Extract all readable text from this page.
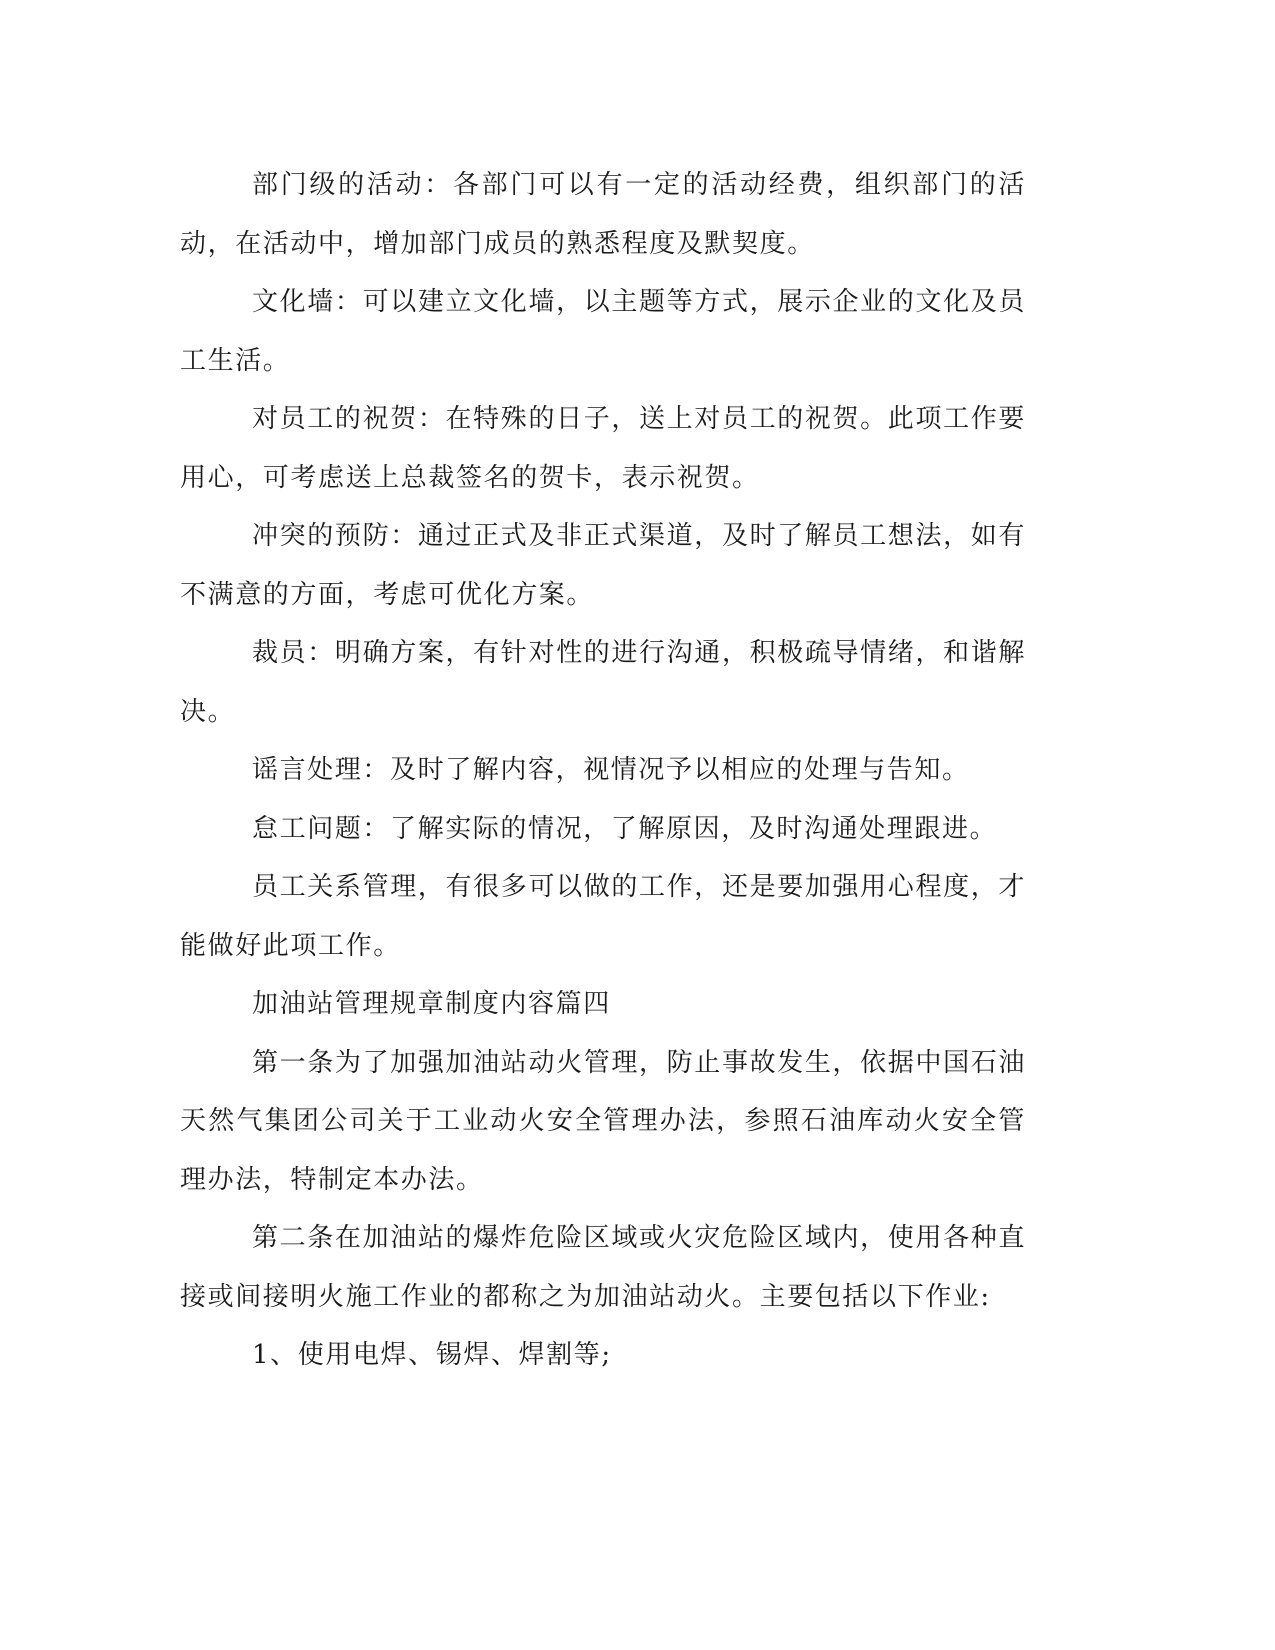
部门级的活动：各部门可以有一定的活动经费，组织部门的活动，在活动中，增加部门成员的熟悉程度及默契度。

文化墙：可以建立文化墙，以主题等方式，展示企业的文化及员工生活。

对员工的祝贺：在特殊的日子，送上对员工的祝贺。此项工作要用心，可考虑送上总裁签名的贺卡，表示祝贺。

冲突的预防：通过正式及非正式渠道，及时了解员工想法，如有不满意的方面，考虑可优化方案。

裁员：明确方案，有针对性的进行沟通，积极疏导情绪，和谐解决。

谣言处理：及时了解内容，视情况予以相应的处理与告知。

怠工问题：了解实际的情况，了解原因，及时沟通处理跟进。

员工关系管理，有很多可以做的工作，还是要加强用心程度，才能做好此项工作。

加油站管理规章制度内容篇四

第一条为了加强加油站动火管理，防止事故发生，依据中国石油天然气集团公司关于工业动火安全管理办法，参照石油库动火安全管理办法，特制定本办法。

第二条在加油站的爆炸危险区域或火灾危险区域内，使用各种直接或间接明火施工作业的都称之为加油站动火。主要包括以下作业:

1、使用电焊、锡焊、焊割等;
